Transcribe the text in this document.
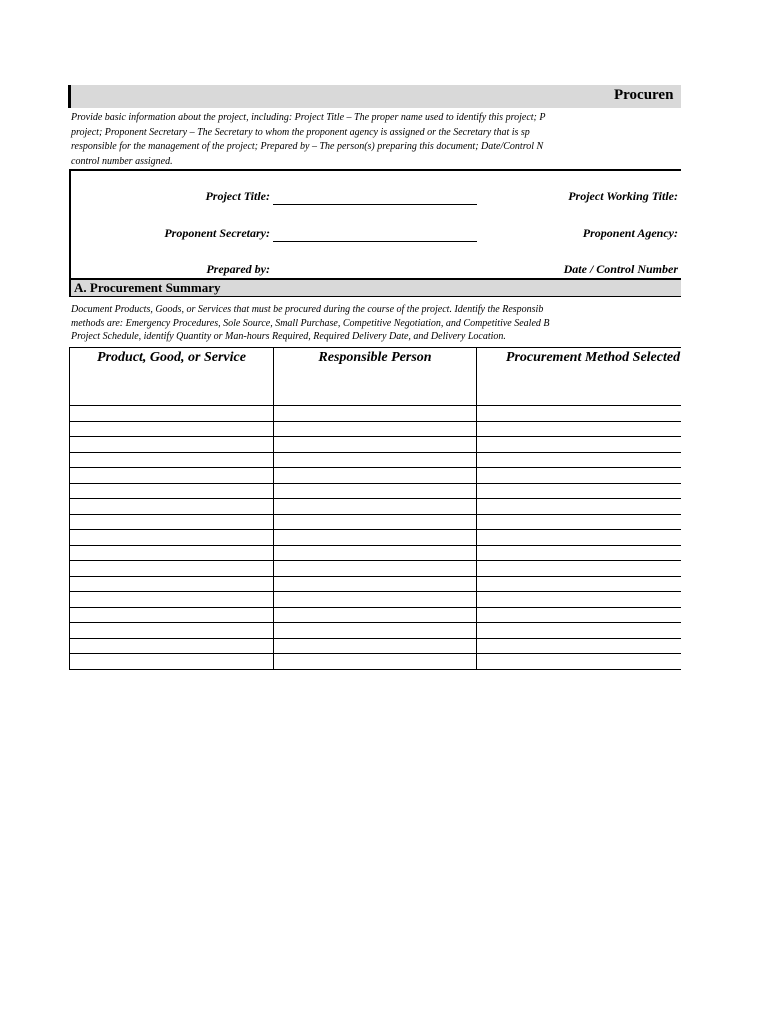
Procuren
Provide basic information about the project, including: Project Title – The proper name used to identify this project; P
project; Proponent Secretary – The Secretary to whom the proponent agency is assigned or the Secretary that is sp
responsible for the management of the project; Prepared by – The person(s) preparing this document; Date/Control N
control number assigned.
Project Title:	Project Working Title:
Proponent Secretary:	Proponent Agency:
Prepared by:	Date / Control Number
A. Procurement Summary
Document Products, Goods, or Services that must be procured during the course of the project. Identify the Responsib
methods are: Emergency Procedures, Sole Source, Small Purchase, Competitive Negotiation, and Competitive Sealed B
Project Schedule, identify Quantity or Man-hours Required, Required Delivery Date, and Delivery Location.
Product, Good, or Service	Responsible Person	Procurement Method Selected
